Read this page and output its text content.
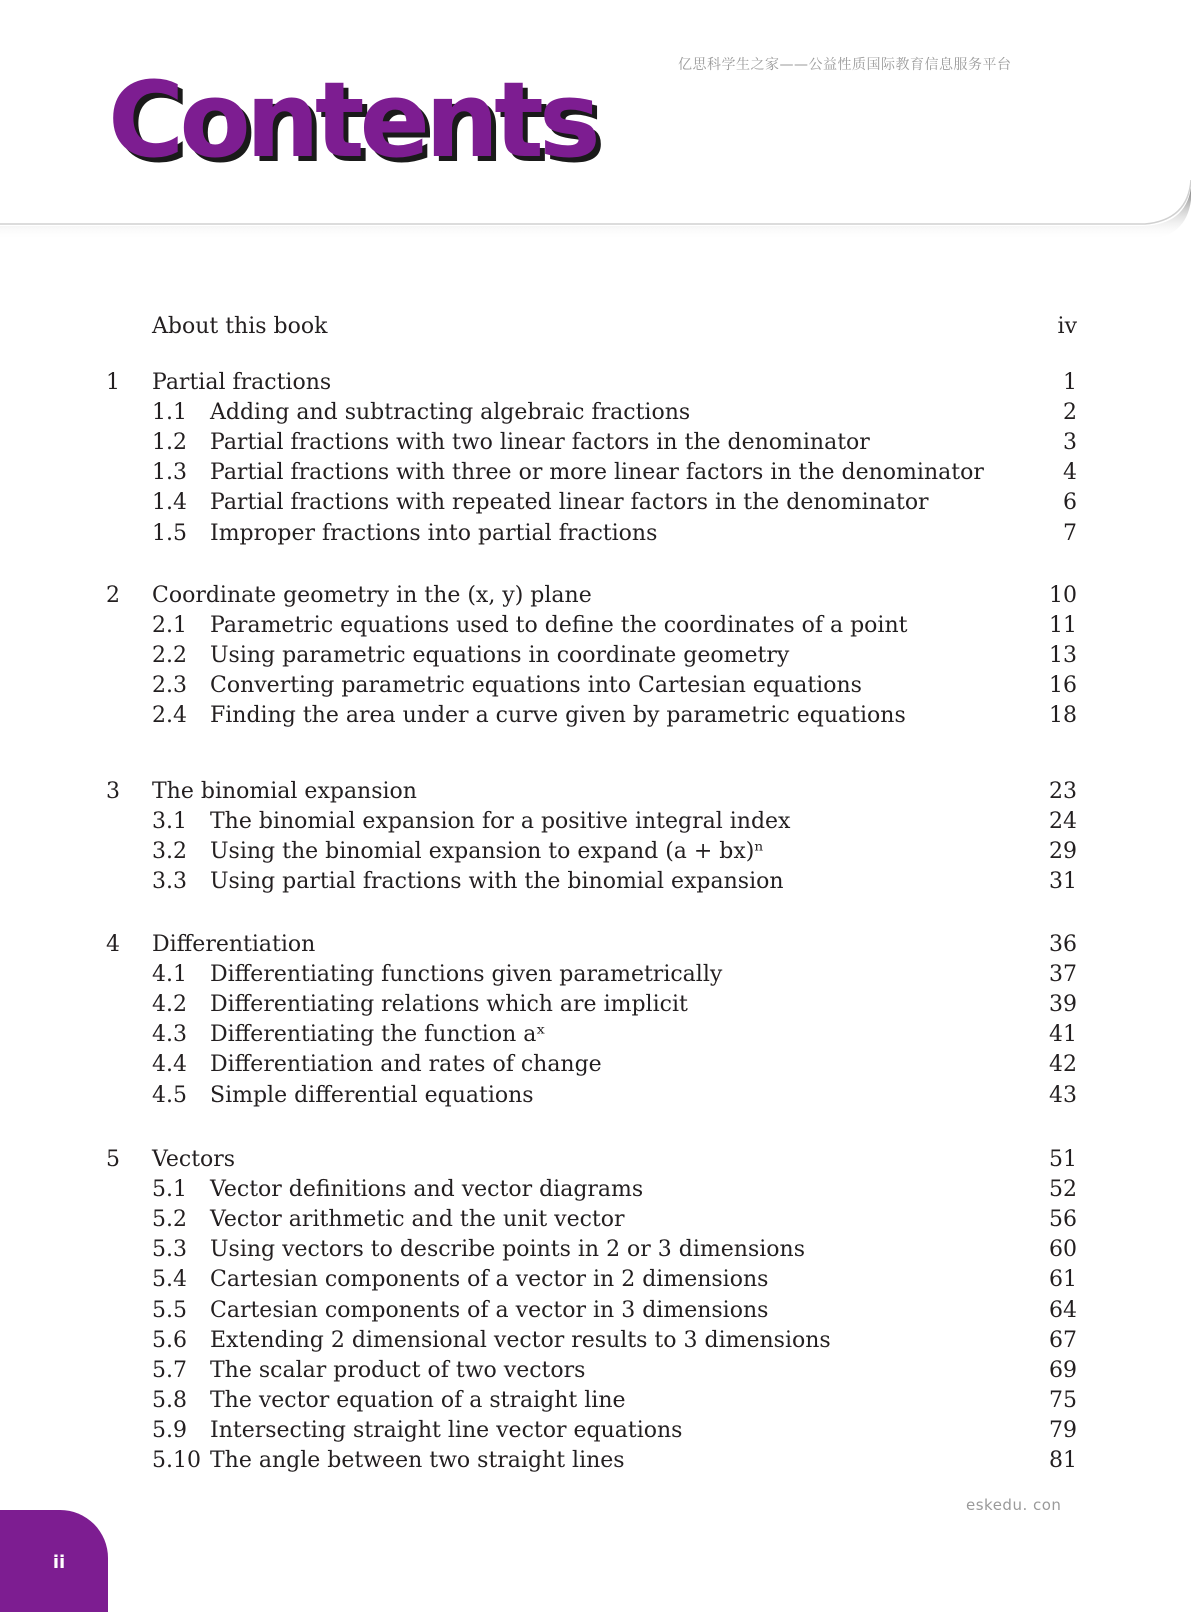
亿思科学生之家——公益性质国际教育信息服务平台
Contents
About this book	iv
1 Partial fractions	1
1.1 Adding and subtracting algebraic fractions	2
1.2 Partial fractions with two linear factors in the denominator	3
1.3 Partial fractions with three or more linear factors in the denominator	4
1.4 Partial fractions with repeated linear factors in the denominator	6
1.5 Improper fractions into partial fractions	7
2 Coordinate geometry in the (x, y) plane	10
2.1 Parametric equations used to define the coordinates of a point	11
2.2 Using parametric equations in coordinate geometry	13
2.3 Converting parametric equations into Cartesian equations	16
2.4 Finding the area under a curve given by parametric equations	18
3 The binomial expansion	23
3.1 The binomial expansion for a positive integral index	24
3.2 Using the binomial expansion to expand (a + bx)ⁿ	29
3.3 Using partial fractions with the binomial expansion	31
4 Differentiation	36
4.1 Differentiating functions given parametrically	37
4.2 Differentiating relations which are implicit	39
4.3 Differentiating the function aˣ	41
4.4 Differentiation and rates of change	42
4.5 Simple differential equations	43
5 Vectors	51
5.1 Vector definitions and vector diagrams	52
5.2 Vector arithmetic and the unit vector	56
5.3 Using vectors to describe points in 2 or 3 dimensions	60
5.4 Cartesian components of a vector in 2 dimensions	61
5.5 Cartesian components of a vector in 3 dimensions	64
5.6 Extending 2 dimensional vector results to 3 dimensions	67
5.7 The scalar product of two vectors	69
5.8 The vector equation of a straight line	75
5.9 Intersecting straight line vector equations	79
5.10 The angle between two straight lines	81
ii
eskedu. con
